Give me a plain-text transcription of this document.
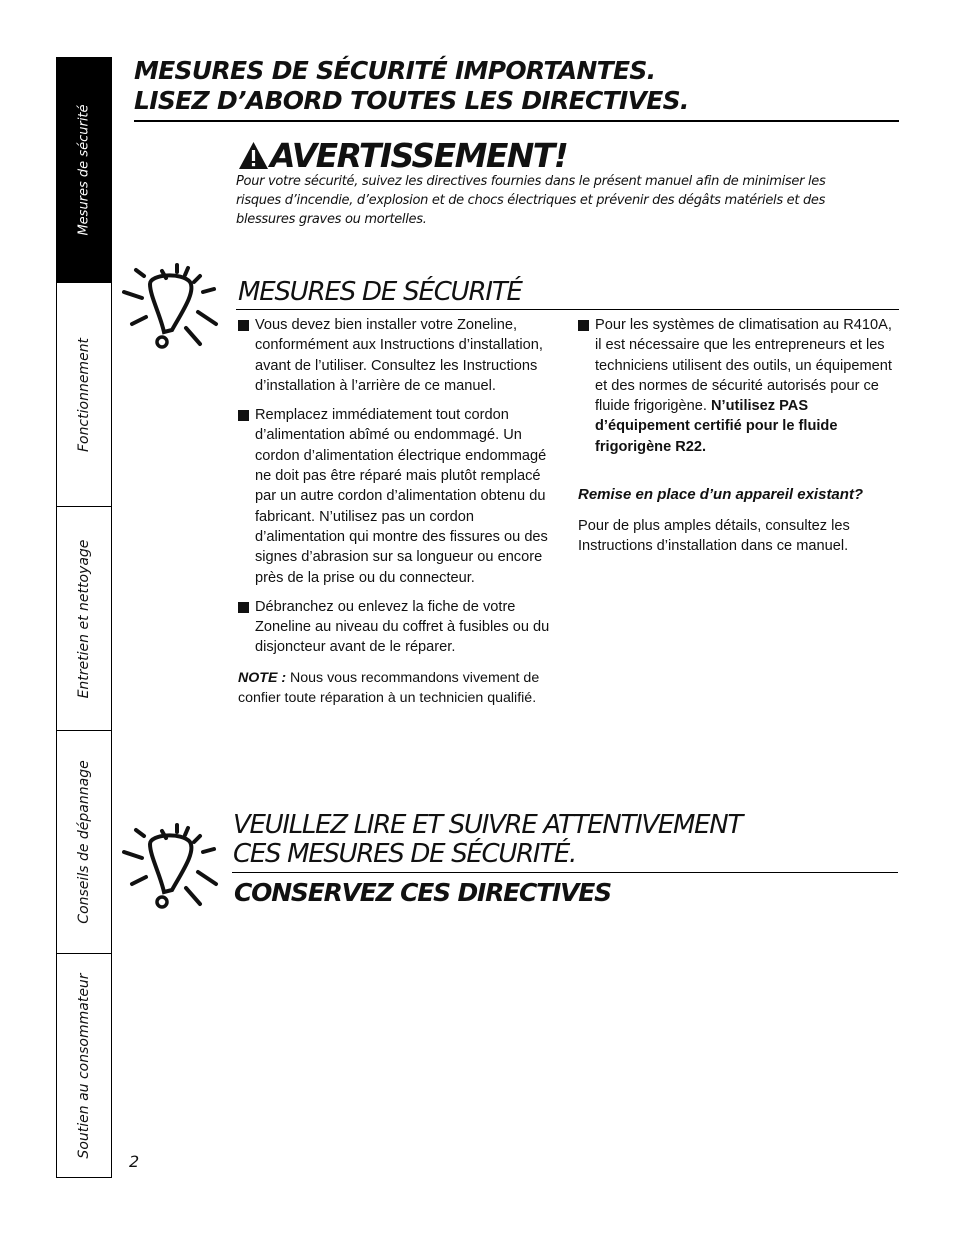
Mesures de sécurité
Fonctionnement
Entretien et nettoyage
Conseils de dépannage
Soutien au consommateur
MESURES DE SÉCURITÉ IMPORTANTES.
LISEZ D’ABORD TOUTES LES DIRECTIVES.
AVERTISSEMENT!
Pour votre sécurité, suivez les directives fournies dans le présent manuel afin de minimiser les risques d’incendie, d’explosion et de chocs électriques et prévenir des dégâts matériels et des blessures graves ou mortelles.
MESURES DE SÉCURITÉ
Vous devez bien installer votre Zoneline, conformément aux Instructions d’installation, avant de l’utiliser. Consultez les Instructions d’installation à l’arrière de ce manuel.
Remplacez immédiatement tout cordon d’alimentation abîmé ou endommagé. Un cordon d’alimentation électrique endommagé ne doit pas être réparé mais plutôt remplacé par un autre cordon d’alimentation obtenu du fabricant. N’utilisez pas un cordon d’alimentation qui montre des fissures ou des signes d’abrasion sur sa longueur ou encore près de la prise ou du connecteur.
Débranchez ou enlevez la fiche de votre Zoneline au niveau du coffret à fusibles ou du disjoncteur avant de le réparer.
NOTE : Nous vous recommandons vivement de confier toute réparation à un technicien qualifié.
Pour les systèmes de climatisation au R410A, il est nécessaire que les entrepreneurs et les techniciens utilisent des outils, un équipement et des normes de sécurité autorisés pour ce fluide frigorigène. N’utilisez PAS d’équipement certifié pour le fluide frigorigène R22.
Remise en place d’un appareil existant?
Pour de plus amples détails, consultez les Instructions d’installation dans ce manuel.
VEUILLEZ LIRE ET SUIVRE ATTENTIVEMENT
CES MESURES DE SÉCURITÉ.
CONSERVEZ CES DIRECTIVES
2
